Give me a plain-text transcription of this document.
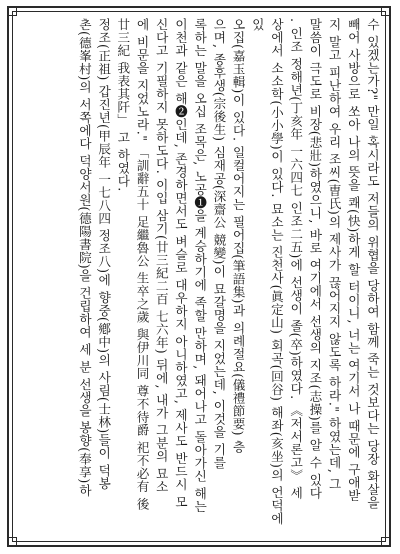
수 있겠는가?" 만일 혹시라도 저들의 위협을 당하여 함께 죽는 것보다는 당장 화살을

빼어 사방으로 쏘아 나의 뜻을 쾌(快)하게 할 터이니, 너는 여기서 나 때문에 구애받

지 말고 피난하여 우리 조씨(曺氏)의 제사가 끊어지지 않도록 하라." 하였는데, 그

말씀이 극도로 비장(悲壯)하였으니, 바로 여기에서 선생의 지조(志操)를 알 수 있다

. 인조 정해년(丁亥年 一六四七 인조二五)에 선생이 졸(卒)하였다. 《저서론고》 세

상에서 소소학(小小學)이 있다. 묘소는 진천사(眞定山) 회곡(回谷) 해좌(亥坐)의 언덕에 있

오집(嘉玉輯)이 있다. 일컬어지는 필어집(筆語集)과 의례절요(儀禮節要) 층

으며, 종후생(宗後生) 심재공(深齋公 競變)이 묘갈명을 지었는데, 이것을 기를

록하는 말을 오십 조목은, 노공❶을 계승하기에 족할 만하며, 돼어나고 돌아가신 해는

이천과 같은 해❷인데, 존경하면서도 벼슬로 대우하지 아니하였고, 제사도 반드시 모

신다고 기필하지 못하도다. 이입 삼기(廿三紀二百 七六年) 뒤에, 내가 그분의 묘소

에 비문을 지었노라." 「訓辭五十 足繼魯公 生卒之歲 與伊川同 尊不待爵 祀不必有 後

廿三紀 我表其阡」 고 하였다.

정조(正祖) 갑진년(甲辰年 一七八四 정조八)에 향중(鄕中)의 사림(士林)들이 덕봉

촌(德峯村)의 서쪽에다 덕양서원(德陽書院)을 건립하여 세 분 선생을 봉향(奉享)하
